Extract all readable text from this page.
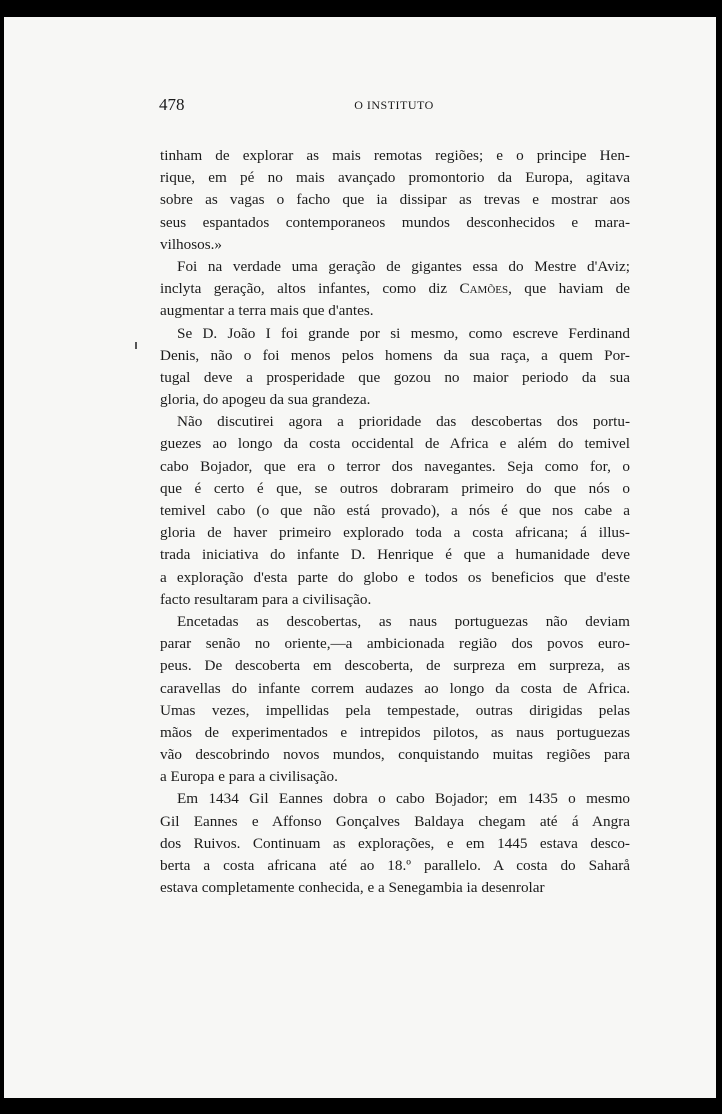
478	O INSTITUTO
tinham de explorar as mais remotas regiões; e o principe Hen-
rique, em pé no mais avançado promontorio da Europa, agitava
sobre as vagas o facho que ia dissipar as trevas e mostrar aos
seus espantados contemporaneos mundos desconhecidos e mara-
vilhosos.»
Foi na verdade uma geração de gigantes essa do Mestre d'Aviz;
inclyta geração, altos infantes, como diz Camões, que haviam de
augmentar a terra mais que d'antes.
Se D. João I foi grande por si mesmo, como escreve Ferdinand
Denis, não o foi menos pelos homens da sua raça, a quem Por-
tugal deve a prosperidade que gozou no maior periodo da sua
gloria, do apogeu da sua grandeza.
Não discutirei agora a prioridade das descobertas dos portu-
guezes ao longo da costa occidental de Africa e além do temivel
cabo Bojador, que era o terror dos navegantes. Seja como for, o
que é certo é que, se outros dobraram primeiro do que nós o
temivel cabo (o que não está provado), a nós é que nos cabe a
gloria de haver primeiro explorado toda a costa africana; á illus-
trada iniciativa do infante D. Henrique é que a humanidade deve
a exploração d'esta parte do globo e todos os beneficios que d'este
facto resultaram para a civilisação.
Encetadas as descobertas, as naus portuguezas não deviam
parar senão no oriente,—a ambicionada região dos povos euro-
peus. De descoberta em descoberta, de surpreza em surpreza, as
caravellas do infante correm audazes ao longo da costa de Africa.
Umas vezes, impellidas pela tempestade, outras dirigidas pelas
mãos de experimentados e intrepidos pilotos, as naus portuguezas
vão descobrindo novos mundos, conquistando muitas regiões para
a Europa e para a civilisação.
Em 1434 Gil Eannes dobra o cabo Bojador; em 1435 o mesmo
Gil Eannes e Affonso Gonçalves Baldaya chegam até á Angra
dos Ruivos. Continuam as explorações, e em 1445 estava desco-
berta a costa africana até ao 18.º parallelo. A costa do Saharå
estava completamente conhecida, e a Senegambia ia desenrolar
